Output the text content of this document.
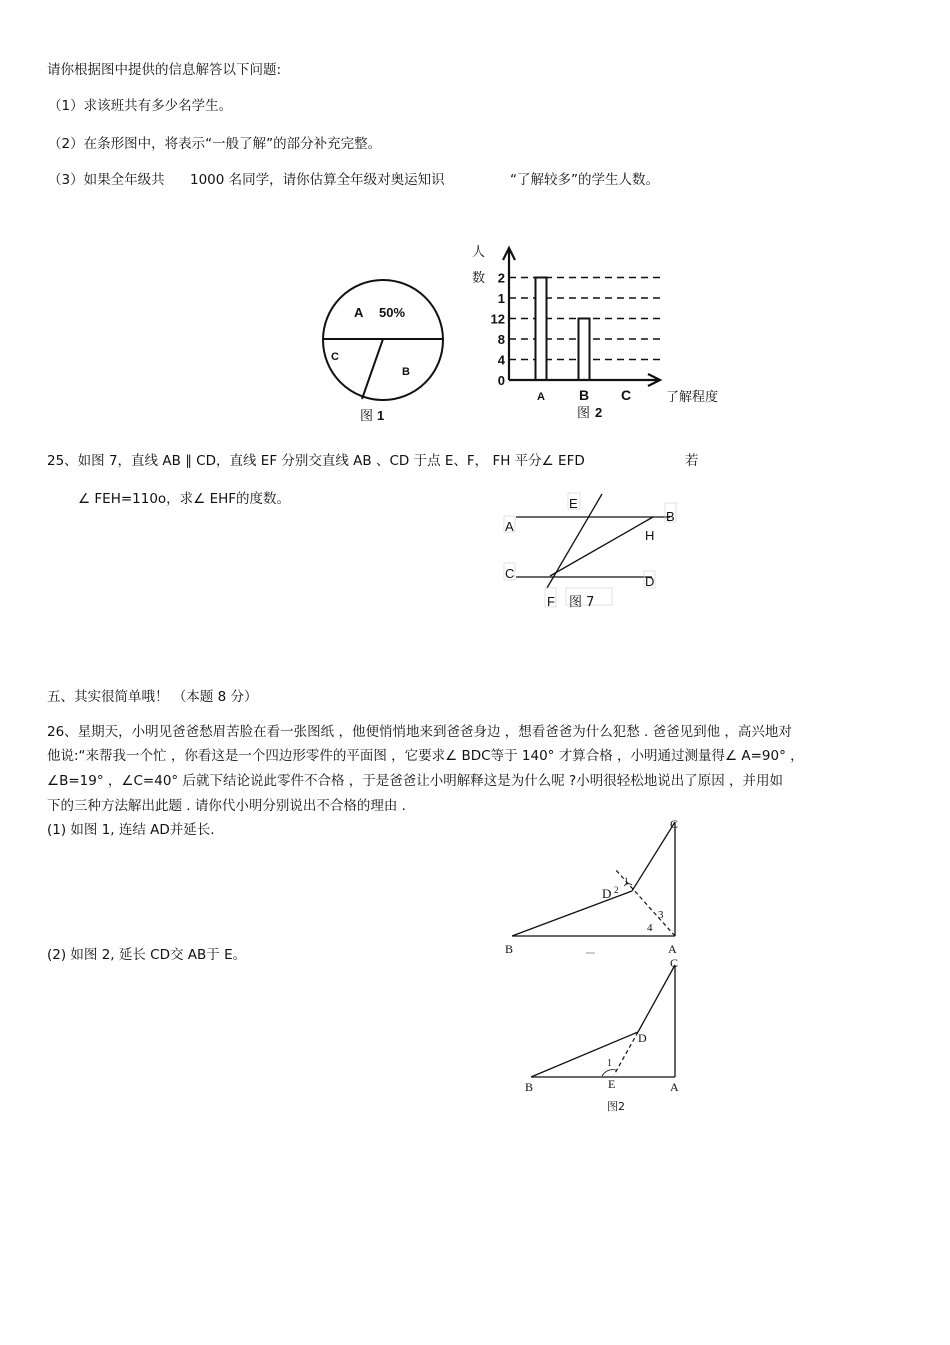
请你根据图中提供的信息解答以下问题:
（1）求该班共有多少名学生。
（2）在条形图中，将表示“一般了解”的部分补充完整。
（3）如果全年级共 1000 名同学，请你估算全年级对奥运知识	“了解较多”的学生人数。
A 50%
C
B
图 1
人
数 2
1
12
8
4
0
A B C	了解程度
图 2
25、如图 7，直线 AB ∥ CD，直线 EF 分别交直线 AB 、CD 于点 E、F， FH 平分∠ EFD	若
∠ FEH=110o，求∠ EHF的度数。
A
E
B
H
C
D
F 图 7
五、其实很简单哦！ （本题 8 分）
26、星期天，小明见爸爸愁眉苦脸在看一张图纸 ，他便悄悄地来到爸爸身边 ，想看爸爸为什么犯愁 . 爸爸见到他 ，高兴地对
他说:“来帮我一个忙 ，你看这是一个四边形零件的平面图 ，它要求∠ BDC等于 140° 才算合格 ，小明通过测量得∠ A=90° ，
∠B=19° ，∠C=40° 后就下结论说此零件不合格 ，于是爸爸让小明解释这是为什么呢 ?小明很轻松地说出了原因 ，并用如
下的三种方法解出此题 . 请你代小明分别说出不合格的理由 .
(1) 如图 1, 连结 AD并延长.
(2) 如图 2, 延长 CD交 AB于 E。
D 2
1
3
4
C
B	A
C
D
1
B	E	A
图2
